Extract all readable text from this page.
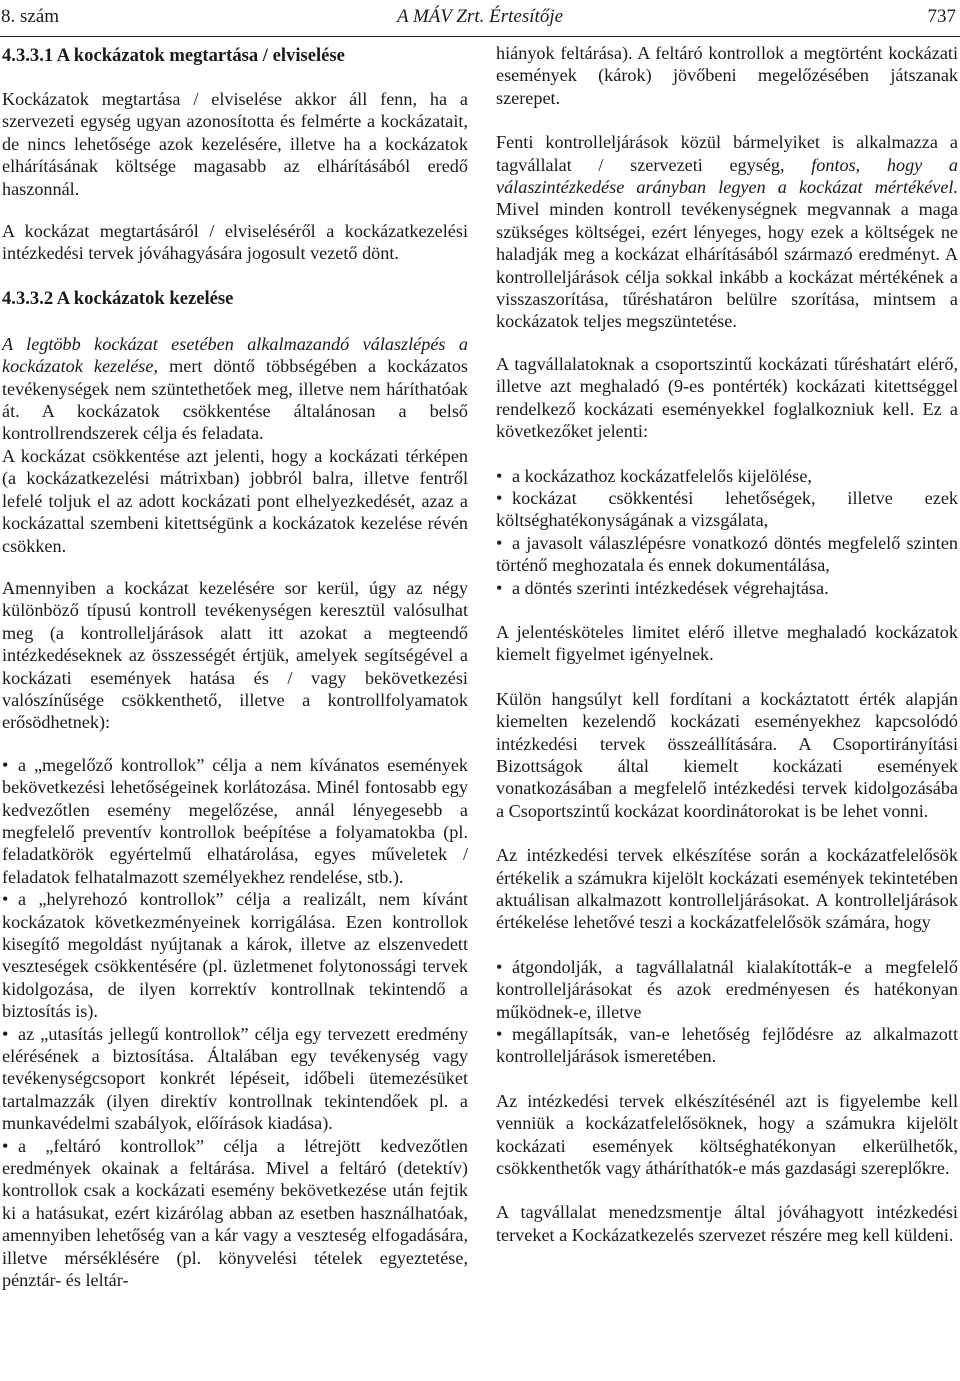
8. szám	A MÁV Zrt. Értesítője	737
4.3.3.1 A kockázatok megtartása / elviselése

Kockázatok megtartása / elviselése akkor áll fenn, ha a szervezeti egység ugyan azonosította és felmérte a kockázatait, de nincs lehetősége azok kezelésére, illetve ha a kockázatok elhárításának költsége magasabb az elhárításából eredő haszonnál.

A kockázat megtartásáról / elviseléséről a kockázatkezelési intézkedési tervek jóváhagyására jogosult vezető dönt.

4.3.3.2 A kockázatok kezelése

A legtöbb kockázat esetében alkalmazandó válaszlépés a kockázatok kezelése, mert döntő többségében a kockázatos tevékenységek nem szüntethetőek meg, illetve nem háríthatóak át. A kockázatok csökkentése általánosan a belső kontrollrendszerek célja és feladata.

A kockázat csökkentése azt jelenti, hogy a kockázati térképen (a kockázatkezelési mátrixban) jobbról balra, illetve fentről lefelé toljuk el az adott kockázati pont elhelyezkedését, azaz a kockázattal szembeni kitettségünk a kockázatok kezelése révén csökken.

Amennyiben a kockázat kezelésére sor kerül, úgy az négy különböző típusú kontroll tevékenységen keresztül valósulhat meg (a kontrolleljárások alatt itt azokat a megteendő intézkedéseknek az összességét értjük, amelyek segítségével a kockázati események hatása és / vagy bekövetkezési valószínűsége csökkenthető, illetve a kontrollfolyamatok erősödhetnek):

• a „megelőző kontrollok” célja a nem kívánatos események bekövetkezési lehetőségeinek korlátozása. Minél fontosabb egy kedvezőtlen esemény megelőzése, annál lényegesebb a megfelelő preventív kontrollok beépítése a folyamatokba (pl. feladatkörök egyértelmű elhatárolása, egyes műveletek / feladatok felhatalmazott személyekhez rendelése, stb.).
• a „helyrehozó kontrollok” célja a realizált, nem kívánt kockázatok következményeinek korrigálása. Ezen kontrollok kisegítő megoldást nyújtanak a károk, illetve az elszenvedett veszteségek csökkentésére (pl. üzletmenet folytonossági tervek kidolgozása, de ilyen korrektív kontrollnak tekintendő a biztosítás is).
• az „utasítás jellegű kontrollok” célja egy tervezett eredmény elérésének a biztosítása. Általában egy tevékenység vagy tevékenységcsoport konkrét lépéseit, időbeli ütemezésüket tartalmazzák (ilyen direktív kontrollnak tekintendőek pl. a munkavédelmi szabályok, előírások kiadása).
• a „feltáró kontrollok” célja a létrejött kedvezőtlen eredmények okainak a feltárása. Mivel a feltáró (detektív) kontrollok csak a kockázati esemény bekövetkezése után fejtik ki a hatásukat, ezért kizárólag abban az esetben használhatóak, amennyiben lehetőség van a kár vagy a veszteség elfogadására, illetve mérséklésére (pl. könyvelési tételek egyeztetése, pénztár- és leltár-

hiányok feltárása). A feltáró kontrollok a megtörtént kockázati események (károk) jövőbeni megelőzésében játszanak szerepet.

Fenti kontrolleljárások közül bármelyiket is alkalmazza a tagvállalat / szervezeti egység, fontos, hogy a válaszintézkedése arányban legyen a kockázat mértékével. Mivel minden kontroll tevékenységnek megvannak a maga szükséges költségei, ezért lényeges, hogy ezek a költségek ne haladják meg a kockázat elhárításából származó eredményt. A kontrolleljárások célja sokkal inkább a kockázat mértékének a visszaszorítása, tűréshatáron belülre szorítása, mintsem a kockázatok teljes megszüntetése.

A tagvállalatoknak a csoportszintű kockázati tűréshatárt elérő, illetve azt meghaladó (9-es pontérték) kockázati kitettséggel rendelkező kockázati eseményekkel foglalkozniuk kell. Ez a következőket jelenti:

• a kockázathoz kockázatfelelős kijelölése,
• kockázat csökkentési lehetőségek, illetve ezek költséghatékonyságának a vizsgálata,
• a javasolt válaszlépésre vonatkozó döntés megfelelő szinten történő meghozatala és ennek dokumentálása,
• a döntés szerinti intézkedések végrehajtása.

A jelentésköteles limitet elérő illetve meghaladó kockázatok kiemelt figyelmet igényelnek.

Külön hangsúlyt kell fordítani a kockáztatott érték alapján kiemelten kezelendő kockázati eseményekhez kapcsolódó intézkedési tervek összeállítására. A Csoportirányítási Bizottságok által kiemelt kockázati események vonatkozásában a megfelelő intézkedési tervek kidolgozásába a Csoportszintű kockázat koordinátorokat is be lehet vonni.

Az intézkedési tervek elkészítése során a kockázatfelelősök értékelik a számukra kijelölt kockázati események tekintetében aktuálisan alkalmazott kontrolleljárásokat. A kontrolleljárások értékelése lehetővé teszi a kockázatfelelősök számára, hogy

• átgondolják, a tagvállalatnál kialakították-e a megfelelő kontrolleljárásokat és azok eredményesen és hatékonyan működnek-e, illetve
• megállapítsák, van-e lehetőség fejlődésre az alkalmazott kontrolleljárások ismeretében.

Az intézkedési tervek elkészítésénél azt is figyelembe kell venniük a kockázatfelelősöknek, hogy a számukra kijelölt kockázati események költséghatékonyan elkerülhetők, csökkenthetők vagy átháríthatók-e más gazdasági szereplőkre.

A tagvállalat menedzsmentje által jóváhagyott intézkedési terveket a Kockázatkezelés szervezet részére meg kell küldeni.
